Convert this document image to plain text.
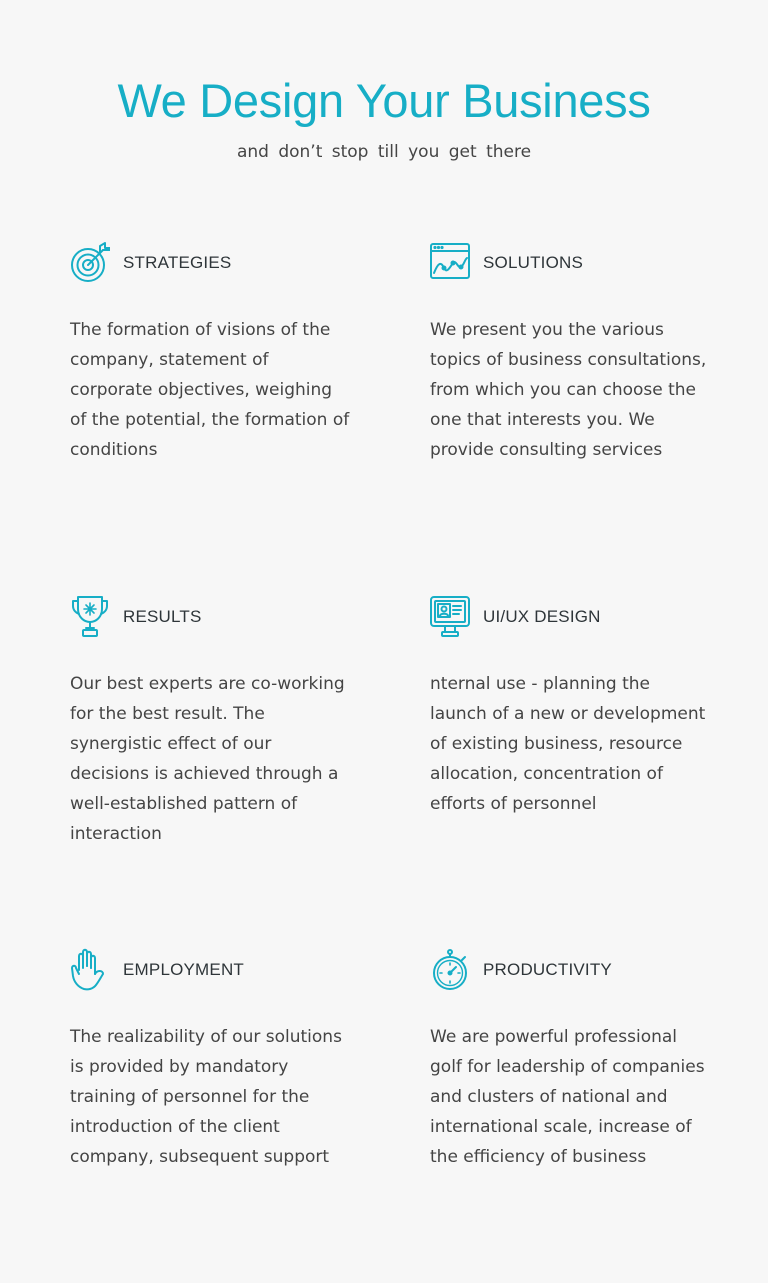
We Design Your Business
and don’t stop till you get there
STRATEGIES
The formation of visions of the company, statement of corporate objectives, weighing of the potential, the formation of conditions
SOLUTIONS
We present you the various topics of business consultations, from which you can choose the one that interests you. We provide consulting services
RESULTS
Our best experts are co-working for the best result. The synergistic effect of our decisions is achieved through a well-established pattern of interaction
UI/UX DESIGN
nternal use - planning the launch of a new or development of existing business, resource allocation, concentration of efforts of personnel
EMPLOYMENT
The realizability of our solutions is provided by mandatory training of personnel for the introduction of the client company, subsequent support
PRODUCTIVITY
We are powerful professional golf for leadership of companies and clusters of national and international scale, increase of the efficiency of business
